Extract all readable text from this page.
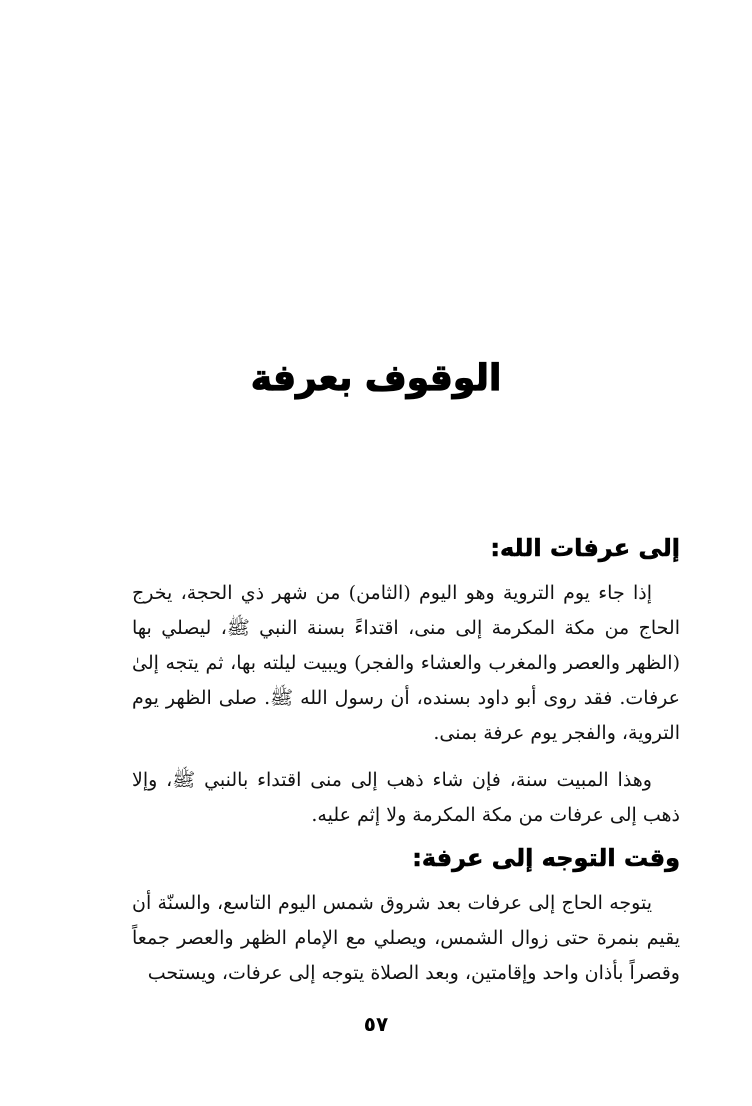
الوقوف بعرفة
إلى عرفات الله:

إذا جاء يوم التروية وهو اليوم (الثامن) من شهر ذي الحجة، يخرج الحاج من مكة المكرمة إلى منى، اقتداءً بسنة النبي ﷺ، ليصلي بها (الظهر والعصر والمغرب والعشاء والفجر) ويبيت ليلته بها، ثم يتجه إلىٰ عرفات. فقد روى أبو داود بسنده، أن رسول الله ﷺ. صلى الظهر يوم التروية، والفجر يوم عرفة بمنى.

وهذا المبيت سنة، فإن شاء ذهب إلى منى اقتداء بالنبي ﷺ، وإلا ذهب إلى عرفات من مكة المكرمة ولا إثم عليه.

وقت التوجه إلى عرفة:

يتوجه الحاج إلى عرفات بعد شروق شمس اليوم التاسع، والسنّة أن يقيم بنمرة حتى زوال الشمس، ويصلي مع الإمام الظهر والعصر جمعاً وقصراً بأذان واحد وإقامتين، وبعد الصلاة يتوجه إلى عرفات، ويستحب

٥٧
